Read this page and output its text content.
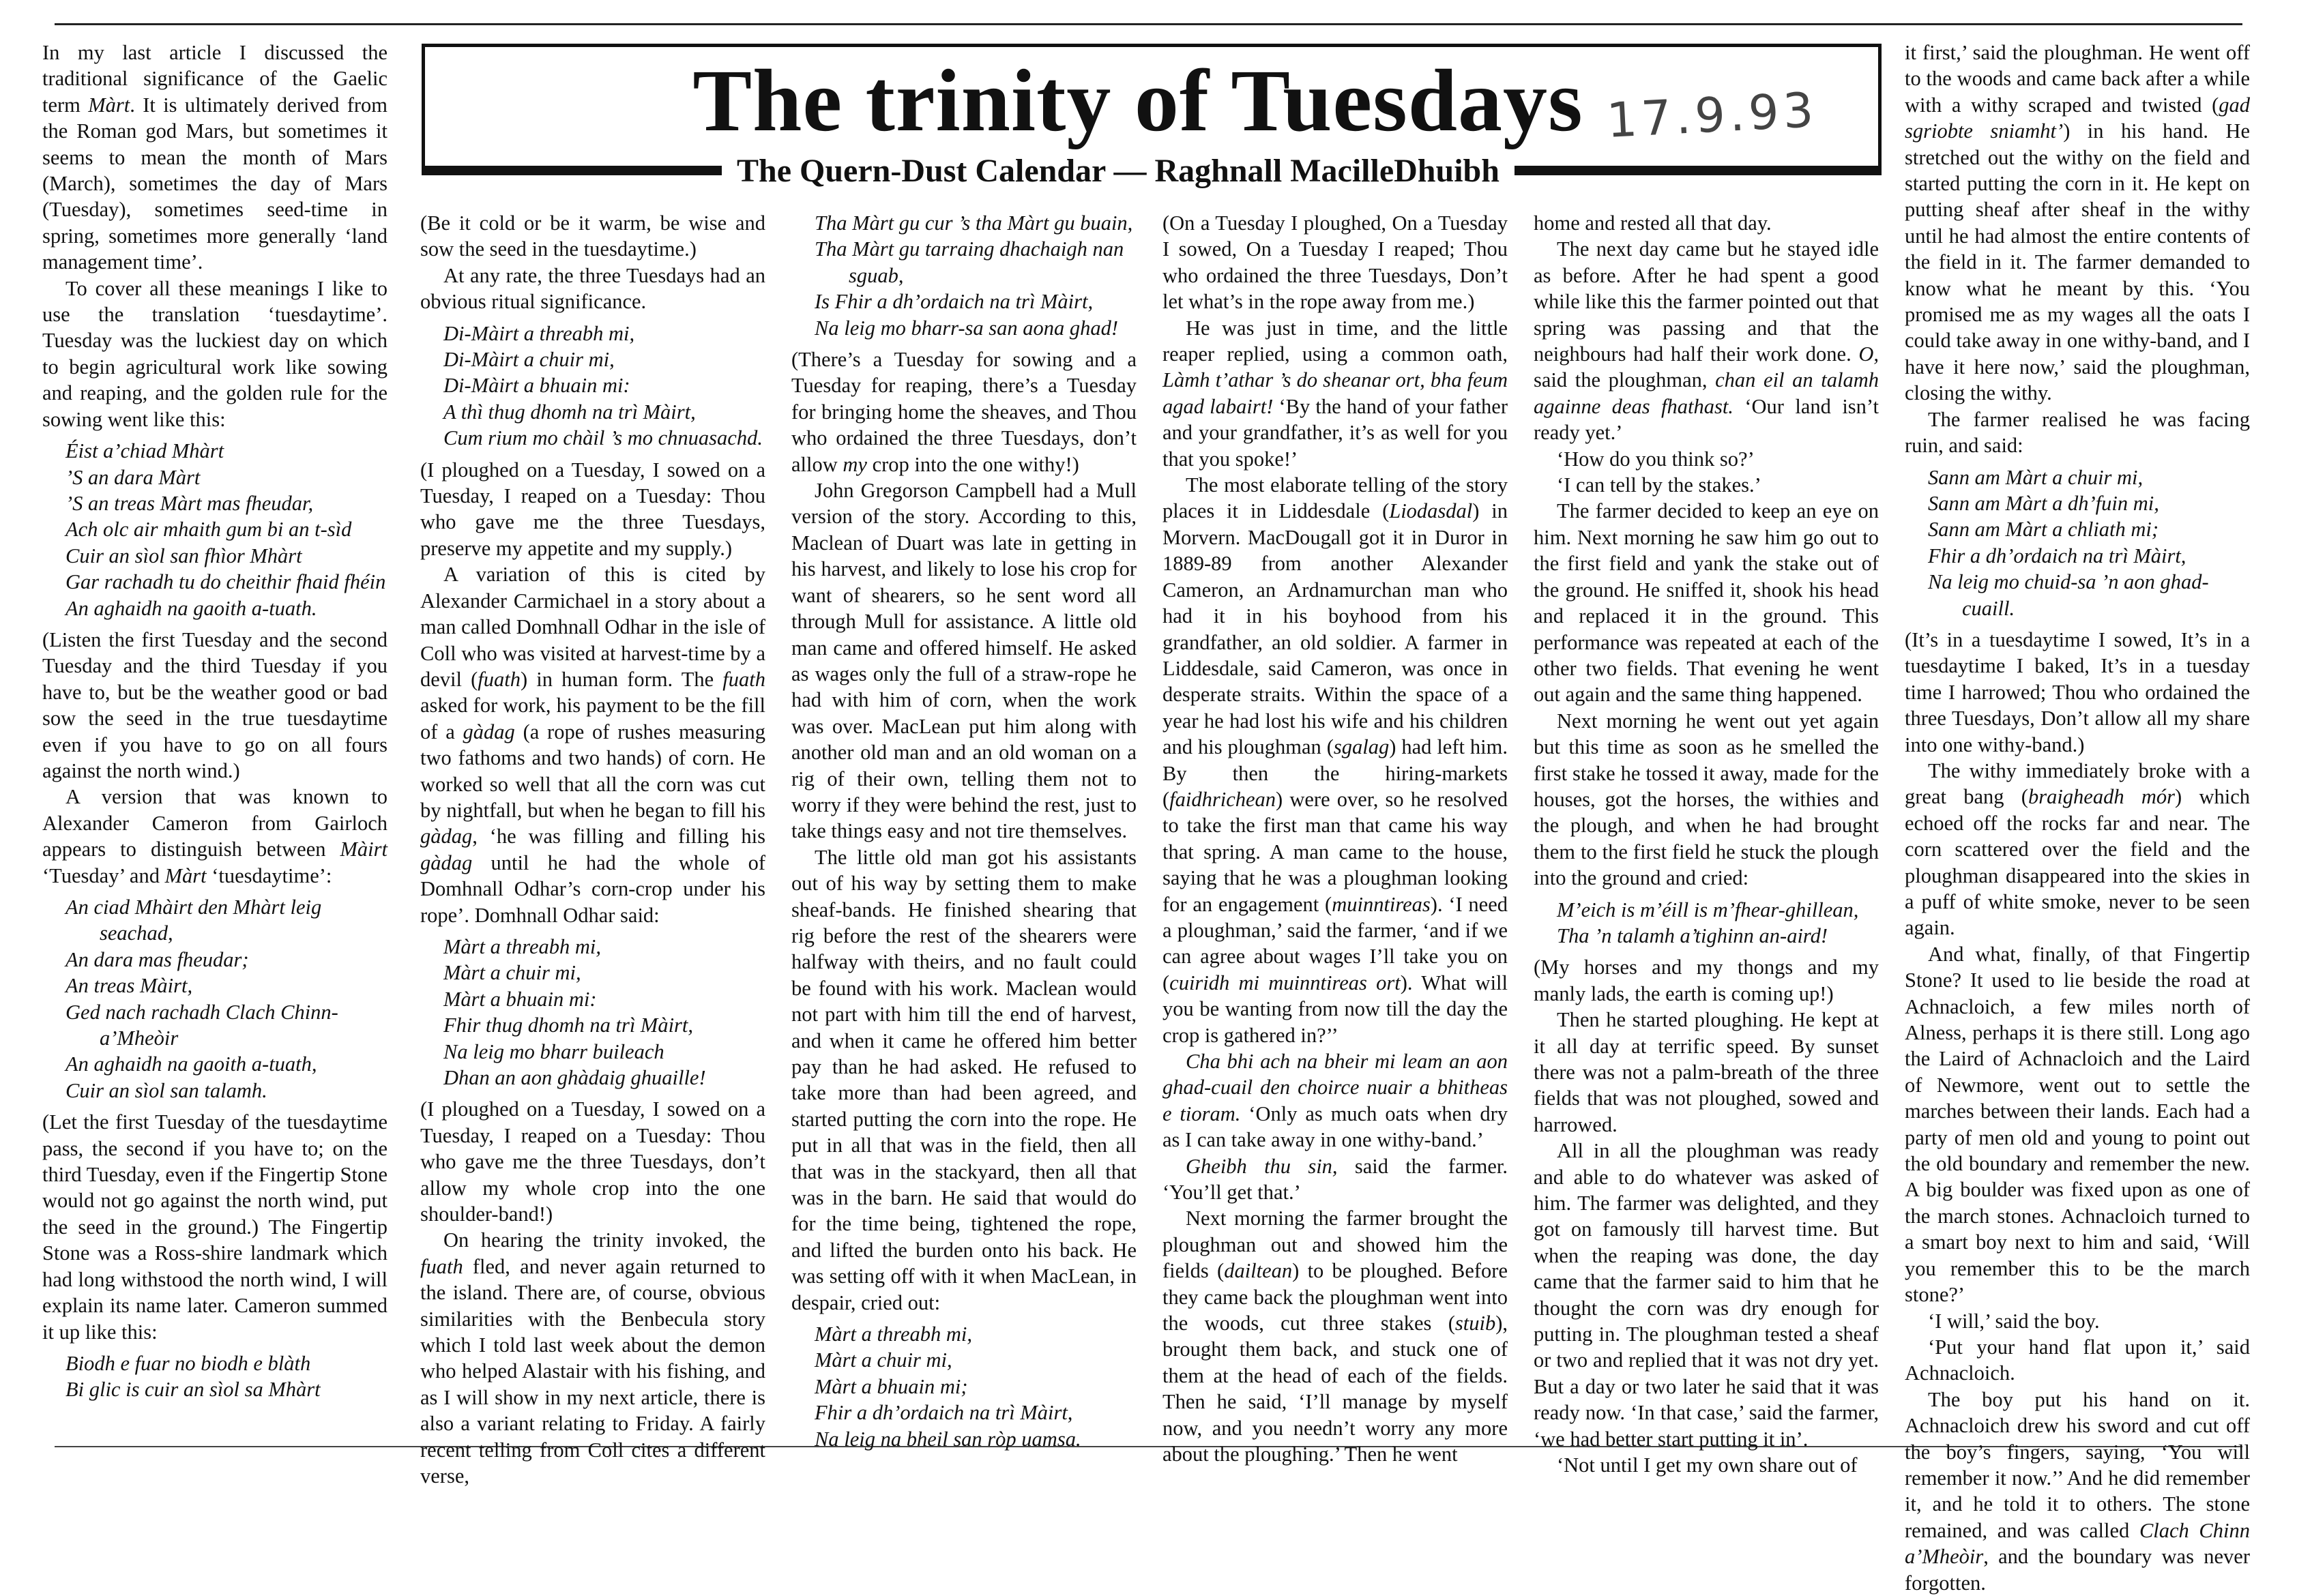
The trinity of Tuesdays 17.9.93
The Quern-Dust Calendar — Raghnall MacilleDhuibh

In my last article I discussed the traditional significance of the Gaelic term Màrt. It is ultimately derived from the Roman god Mars, but sometimes it seems to mean the month of Mars (March), sometimes the day of Mars (Tuesday), sometimes seed-time in spring, sometimes more generally ‘land management time’.

To cover all these meanings I like to use the translation ‘tuesdaytime’. Tuesday was the luckiest day on which to begin agricultural work like sowing and reaping, and the golden rule for the sowing went like this:

Éist a’chiad Mhàrt
’S an dara Màrt
’S an treas Màrt mas fheudar,
Ach olc air mhaith gum bi an t-sìd
Cuir an sìol san fhìor Mhàrt
Gar rachadh tu do cheithir fhaid fhéin
An aghaidh na gaoith a-tuath.

(Listen the first Tuesday and the second Tuesday and the third Tuesday if you have to, but be the weather good or bad sow the seed in the true tuesdaytime even if you have to go on all fours against the north wind.)

A version that was known to Alexander Cameron from Gairloch appears to distinguish between Màirt ‘Tuesday’ and Màrt ‘tuesdaytime’:

An ciad Mhàirt den Mhàrt leig seachad,
An dara mas fheudar;
An treas Màirt,
Ged nach rachadh Clach Chinn-a’Mheòir
An aghaidh na gaoith a-tuath,
Cuir an sìol san talamh.

(Let the first Tuesday of the tuesdaytime pass, the second if you have to; on the third Tuesday, even if the Fingertip Stone would not go against the north wind, put the seed in the ground.) The Fingertip Stone was a Ross-shire landmark which had long withstood the north wind, I will explain its name later. Cameron summed it up like this:

Biodh e fuar no biodh e blàth
Bi glic is cuir an sìol sa Mhàrt

(Be it cold or be it warm, be wise and sow the seed in the tuesdaytime.)

At any rate, the three Tuesdays had an obvious ritual significance.

Di-Màirt a threabh mi,
Di-Màirt a chuir mi,
Di-Màirt a bhuain mi:
A thì thug dhomh na trì Màirt,
Cum rium mo chàil ’s mo chnuasachd.

(I ploughed on a Tuesday, I sowed on a Tuesday, I reaped on a Tuesday: Thou who gave me the three Tuesdays, preserve my appetite and my supply.)

A variation of this is cited by Alexander Carmichael in a story about a man called Domhnall Odhar in the isle of Coll who was visited at harvest-time by a devil (fuath) in human form. The fuath asked for work, his payment to be the fill of a gàdag (a rope of rushes measuring two fathoms and two hands) of corn. He worked so well that all the corn was cut by nightfall, but when he began to fill his gàdag, ‘he was filling and filling his gàdag until he had the whole of Domhnall Odhar’s corn-crop under his rope’. Domhnall Odhar said:

Màrt a threabh mi,
Màrt a chuir mi,
Màrt a bhuain mi:
Fhir thug dhomh na trì Màirt,
Na leig mo bharr buileach
Dhan an aon ghàdaig ghuaille!

(I ploughed on a Tuesday, I sowed on a Tuesday, I reaped on a Tuesday: Thou who gave me the three Tuesdays, don’t allow my whole crop into the one shoulder-band!)

On hearing the trinity invoked, the fuath fled, and never again returned to the island. There are, of course, obvious similarities with the Benbecula story which I told last week about the demon who helped Alastair with his fishing, and as I will show in my next article, there is also a variant relating to Friday. A fairly recent telling from Coll cites a different verse,

Tha Màrt gu cur ’s tha Màrt gu buain,
Tha Màrt gu tarraing dhachaigh nan sguab,
Is Fhir a dh’ordaich na trì Màirt,
Na leig mo bharr-sa san aona ghad!

(There’s a Tuesday for sowing and a Tuesday for reaping, there’s a Tuesday for bringing home the sheaves, and Thou who ordained the three Tuesdays, don’t allow my crop into the one withy!)

John Gregorson Campbell had a Mull version of the story. According to this, Maclean of Duart was late in getting in his harvest, and likely to lose his crop for want of shearers, so he sent word all through Mull for assistance. A little old man came and offered himself. He asked as wages only the full of a straw-rope he had with him of corn, when the work was over. MacLean put him along with another old man and an old woman on a rig of their own, telling them not to worry if they were behind the rest, just to take things easy and not tire themselves.

The little old man got his assistants out of his way by setting them to make sheaf-bands. He finished shearing that rig before the rest of the shearers were halfway with theirs, and no fault could be found with his work. Maclean would not part with him till the end of harvest, and when it came he offered him better pay than he had asked. He refused to take more than had been agreed, and started putting the corn into the rope. He put in all that was in the field, then all that was in the stackyard, then all that was in the barn. He said that would do for the time being, tightened the rope, and lifted the burden onto his back. He was setting off with it when MacLean, in despair, cried out:

Màrt a threabh mi,
Màrt a chuir mi,
Màrt a bhuain mi;
Fhir a dh’ordaich na trì Màirt,
Na leig na bheil san ròp uamsa.

(On a Tuesday I ploughed, On a Tuesday I sowed, On a Tuesday I reaped; Thou who ordained the three Tuesdays, Don’t let what’s in the rope away from me.)

He was just in time, and the little reaper replied, using a common oath, Làmh t’athar ’s do sheanar ort, bha feum agad labairt! ‘By the hand of your father and your grandfather, it’s as well for you that you spoke!’

The most elaborate telling of the story places it in Liddesdale (Liodasdal) in Morvern. MacDougall got it in Duror in 1889-89 from another Alexander Cameron, an Ardnamurchan man who had it in his boyhood from his grandfather, an old soldier. A farmer in Liddesdale, said Cameron, was once in desperate straits. Within the space of a year he had lost his wife and his children and his ploughman (sgalag) had left him. By then the hiring-markets (faidhrichean) were over, so he resolved to take the first man that came his way that spring. A man came to the house, saying that he was a ploughman looking for an engagement (muinntireas). ‘I need a ploughman,’ said the farmer, ‘and if we can agree about wages I’ll take you on (cuiridh mi muinntireas ort). What will you be wanting from now till the day the crop is gathered in?’’

Cha bhi ach na bheir mi leam an aon ghad-cuail den choirce nuair a bhitheas e tioram. ‘Only as much oats when dry as I can take away in one withy-band.’

Gheibh thu sin, said the farmer. ‘You’ll get that.’

Next morning the farmer brought the ploughman out and showed him the fields (dailtean) to be ploughed. Before they came back the ploughman went into the woods, cut three stakes (stuib), brought them back, and stuck one of them at the head of each of the fields. Then he said, ‘I’ll manage by myself now, and you needn’t worry any more about the ploughing.’ Then he went

home and rested all that day.

The next day came but he stayed idle as before. After he had spent a good while like this the farmer pointed out that spring was passing and that the neighbours had half their work done. O, said the ploughman, chan eil an talamh againne deas fhathast. ‘Our land isn’t ready yet.’

‘How do you think so?’

‘I can tell by the stakes.’

The farmer decided to keep an eye on him. Next morning he saw him go out to the first field and yank the stake out of the ground. He sniffed it, shook his head and replaced it in the ground. This performance was repeated at each of the other two fields. That evening he went out again and the same thing happened.

Next morning he went out yet again but this time as soon as he smelled the first stake he tossed it away, made for the houses, got the horses, the withies and the plough, and when he had brought them to the first field he stuck the plough into the ground and cried:

M’eich is m’éill is m’fhear-ghillean,
Tha ’n talamh a’tighinn an-aird!

(My horses and my thongs and my manly lads, the earth is coming up!)

Then he started ploughing. He kept at it all day at terrific speed. By sunset there was not a palm-breath of the three fields that was not ploughed, sowed and harrowed.

All in all the ploughman was ready and able to do whatever was asked of him. The farmer was delighted, and they got on famously till harvest time. But when the reaping was done, the day came that the farmer said to him that he thought the corn was dry enough for putting in. The ploughman tested a sheaf or two and replied that it was not dry yet. But a day or two later he said that it was ready now. ‘In that case,’ said the farmer, ‘we had better start putting it in’.

‘Not until I get my own share out of

it first,’ said the ploughman. He went off to the woods and came back after a while with a withy scraped and twisted (gad sgriobte sniamht’) in his hand. He stretched out the withy on the field and started putting the corn in it. He kept on putting sheaf after sheaf in the withy until he had almost the entire contents of the field in it. The farmer demanded to know what he meant by this. ‘You promised me as my wages all the oats I could take away in one withy-band, and I have it here now,’ said the ploughman, closing the withy.

The farmer realised he was facing ruin, and said:

Sann am Màrt a chuir mi,
Sann am Màrt a dh’fuin mi,
Sann am Màrt a chliath mi;
Fhir a dh’ordaich na trì Màirt,
Na leig mo chuid-sa ’n aon ghad-cuaill.

(It’s in a tuesdaytime I sowed, It’s in a tuesdaytime I baked, It’s in a tuesday time I harrowed; Thou who ordained the three Tuesdays, Don’t allow all my share into one withy-band.)

The withy immediately broke with a great bang (braigheadh mór) which echoed off the rocks far and near. The corn scattered over the field and the ploughman disappeared into the skies in a puff of white smoke, never to be seen again.

And what, finally, of that Fingertip Stone? It used to lie beside the road at Achnacloich, a few miles north of Alness, perhaps it is there still. Long ago the Laird of Achnacloich and the Laird of Newmore, went out to settle the marches between their lands. Each had a party of men old and young to point out the old boundary and remember the new. A big boulder was fixed upon as one of the march stones. Achnacloich turned to a smart boy next to him and said, ‘Will you remember this to be the march stone?’

‘I will,’ said the boy.

‘Put your hand flat upon it,’ said Achnacloich.

The boy put his hand on it. Achnacloich drew his sword and cut off the boy’s fingers, saying, ‘You will remember it now.’’ And he did remember it, and he told it to others. The stone remained, and was called Clach Chinn a’Mheòir, and the boundary was never forgotten.
